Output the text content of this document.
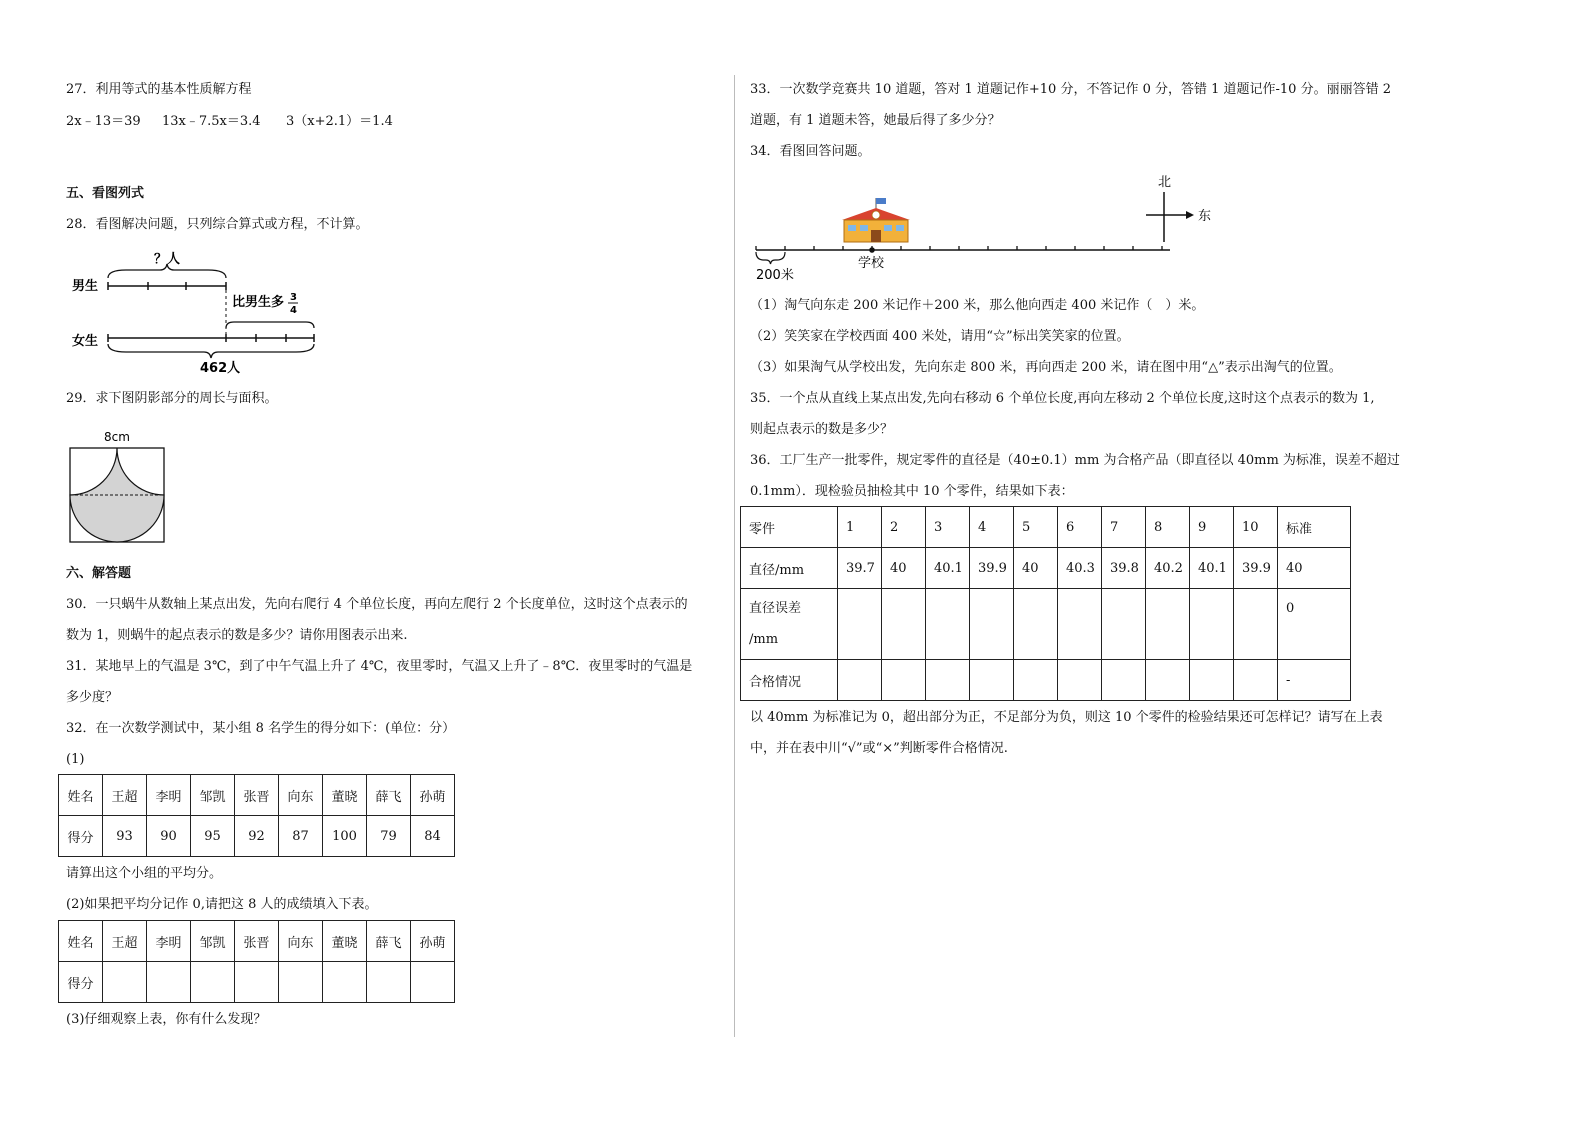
27．利用等式的基本性质解方程
2x﹣13＝39 13x﹣7.5x＝3.4 3（x+2.1）＝1.4
五、看图列式
28．看图解决问题，只列综合算式或方程，不计算。
男生
女生
？人
比男生多 3
4
462人
29．求下图阴影部分的周长与面积。
8cm
六、解答题
30．一只蜗牛从数轴上某点出发，先向右爬行 4 个单位长度，再向左爬行 2 个长度单位，这时这个点表示的
数为 1，则蜗牛的起点表示的数是多少？请你用图表示出来.
31．某地早上的气温是 3℃，到了中午气温上升了 4℃，夜里零时，气温又上升了﹣8℃．夜里零时的气温是
多少度？
32．在一次数学测试中，某小组 8 名学生的得分如下：(单位：分）
(1)
姓名	王超	李明	邹凯	张晋	向东	董晓	薛飞	孙萌
得分	93	90	95	92	87	100	79	84
请算出这个小组的平均分。
(2)如果把平均分记作 0,请把这 8 人的成绩填入下表。
姓名	王超	李明	邹凯	张晋	向东	董晓	薛飞	孙萌
得分								
(3)仔细观察上表，你有什么发现？
33．一次数学竞赛共 10 道题，答对 1 道题记作+10 分，不答记作 0 分，答错 1 道题记作-10 分。丽丽答错 2
道题，有 1 道题未答，她最后得了多少分？
34．看图回答问题。
北
东
学校
200米
（1）淘气向东走 200 米记作＋200 米，那么他向西走 400 米记作（　）米。
（2）笑笑家在学校西面 400 米处，请用“☆”标出笑笑家的位置。
（3）如果淘气从学校出发，先向东走 800 米，再向西走 200 米，请在图中用“△”表示出淘气的位置。
35．一个点从直线上某点出发,先向右移动 6 个单位长度,再向左移动 2 个单位长度,这时这个点表示的数为 1,
则起点表示的数是多少？
36．工厂生产一批零件，规定零件的直径是（40±0.1）mm 为合格产品（即直径以 40mm 为标准，误差不超过
0.1mm）．现检验员抽检其中 10 个零件，结果如下表：
零件	1	2	3	4	5	6	7	8	9	10	标准
直径/mm	39.7	40	40.1	39.9	40	40.3	39.8	40.2	40.1	39.9	40
直径误差
/mm											0
合格情况											-
以 40mm 为标准记为 0，超出部分为正，不足部分为负，则这 10 个零件的检验结果还可怎样记？请写在上表
中，并在表中川“√”或“×”判断零件合格情况.
